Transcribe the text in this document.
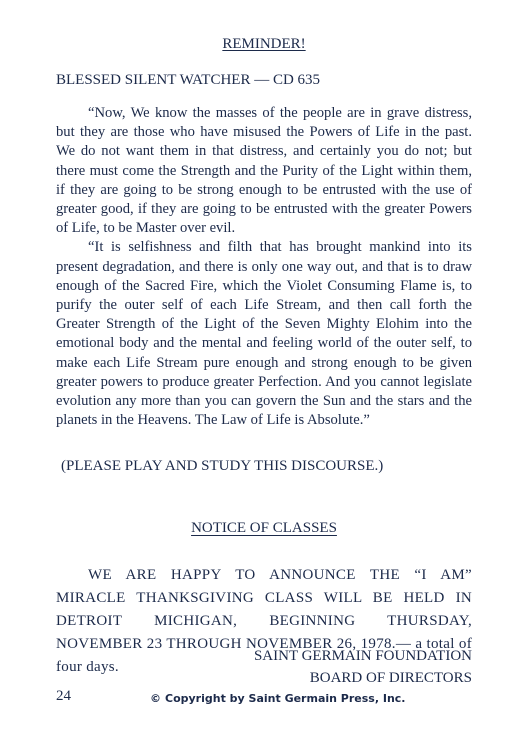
REMINDER!
BLESSED SILENT WATCHER — CD 635

“Now, We know the masses of the people are in grave distress, but they are those who have misused the Powers of Life in the past. We do not want them in that distress, and certainly you do not; but there must come the Strength and the Purity of the Light within them, if they are going to be strong enough to be entrusted with the use of greater good, if they are going to be entrusted with the greater Powers of Life, to be Master over evil.

“It is selfishness and filth that has brought mankind into its present degradation, and there is only one way out, and that is to draw enough of the Sacred Fire, which the Violet Consuming Flame is, to purify the outer self of each Life Stream, and then call forth the Greater Strength of the Light of the Seven Mighty Elohim into the emotional body and the mental and feeling world of the outer self, to make each Life Stream pure enough and strong enough to be given greater powers to produce greater Perfection. And you cannot legislate evolution any more than you can govern the Sun and the stars and the planets in the Heavens. The Law of Life is Absolute.”

(PLEASE PLAY AND STUDY THIS DISCOURSE.)
NOTICE OF CLASSES

WE ARE HAPPY TO ANNOUNCE THE “I AM” MIRACLE THANKSGIVING CLASS WILL BE HELD IN DETROIT MICHIGAN, BEGINNING THURSDAY, NOVEMBER 23 THROUGH NOVEMBER 26, 1978.— a total of four days.

SAINT GERMAIN FOUNDATION
BOARD OF DIRECTORS
24	© Copyright by Saint Germain Press, Inc.
